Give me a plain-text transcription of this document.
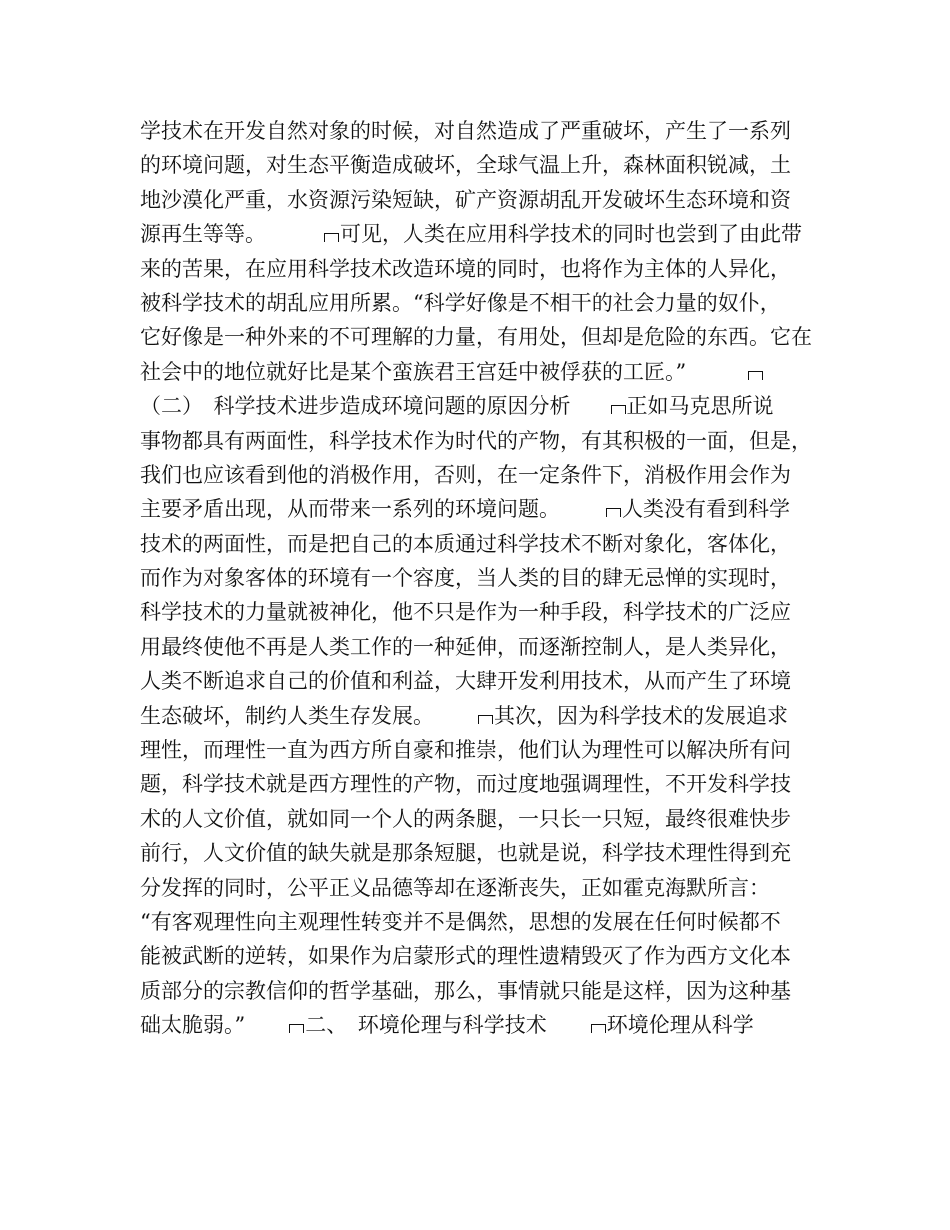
学技术在开发自然对象的时候，对自然造成了严重破坏，产生了一系列
的环境问题，对生态平衡造成破坏，全球气温上升，森林面积锐减，土
地沙漠化严重，水资源污染短缺，矿产资源胡乱开发破坏生态环境和资
源再生等等。	可见，人类在应用科学技术的同时也尝到了由此带
来的苦果，在应用科学技术改造环境的同时，也将作为主体的人异化，
被科学技术的胡乱应用所累。“科学好像是不相干的社会力量的奴仆，
它好像是一种外来的不可理解的力量，有用处，但却是危险的东西。它在
社会中的地位就好比是某个蛮族君王宫廷中被俘获的工匠。”
（二）　科学技术进步造成环境问题的原因分析	正如马克思所说
事物都具有两面性，科学技术作为时代的产物，有其积极的一面，但是，
我们也应该看到他的消极作用，否则，在一定条件下，消极作用会作为
主要矛盾出现，从而带来一系列的环境问题。	人类没有看到科学
技术的两面性，而是把自己的本质通过科学技术不断对象化，客体化，
而作为对象客体的环境有一个容度，当人类的目的肆无忌惮的实现时，
科学技术的力量就被神化，他不只是作为一种手段，科学技术的广泛应
用最终使他不再是人类工作的一种延伸，而逐渐控制人，是人类异化，
人类不断追求自己的价值和利益，大肆开发利用技术，从而产生了环境
生态破坏，制约人类生存发展。	其次，因为科学技术的发展追求
理性，而理性一直为西方所自豪和推崇，他们认为理性可以解决所有问
题，科学技术就是西方理性的产物，而过度地强调理性，不开发科学技
术的人文价值，就如同一个人的两条腿，一只长一只短，最终很难快步
前行，人文价值的缺失就是那条短腿，也就是说，科学技术理性得到充
分发挥的同时，公平正义品德等却在逐渐丧失，正如霍克海默所言：
“有客观理性向主观理性转变并不是偶然，思想的发展在任何时候都不
能被武断的逆转，如果作为启蒙形式的理性遗精毁灭了作为西方文化本
质部分的宗教信仰的哲学基础，那么，事情就只能是这样，因为这种基
础太脆弱。”	二、　环境伦理与科学技术	环境伦理从科学
